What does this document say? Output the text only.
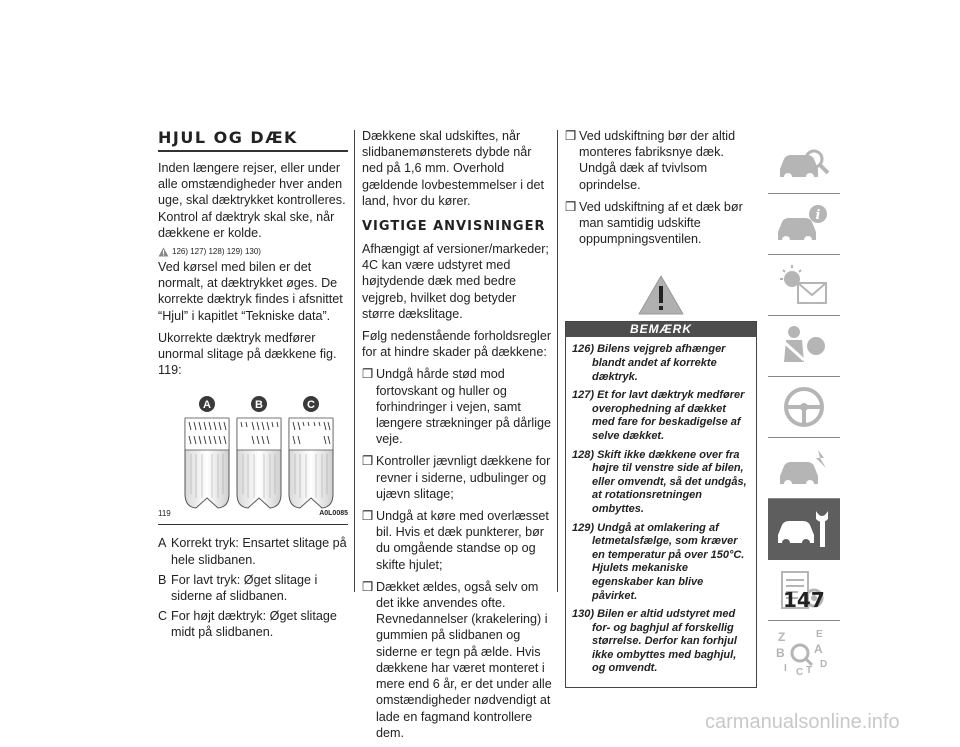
HJUL OG DÆK

Inden længere rejser, eller under alle omstændigheder hver anden uge, skal dæktrykket kontrolleres. Kontrol af dæktryk skal ske, når dækkene er kolde.

126) 127) 128) 129) 130)

Ved kørsel med bilen er det normalt, at dæktrykket øges. De korrekte dæktryk findes i afsnittet “Hjul” i kapitlet “Tekniske data”.

Ukorrekte dæktryk medfører unormal slitage på dækkene fig. 119:

A	B	C
119	A0L0085
A Korrekt tryk: Ensartet slitage på hele slidbanen.
B For lavt tryk: Øget slitage i siderne af slidbanen.
C For højt dæktryk: Øget slitage midt på slidbanen.

Dækkene skal udskiftes, når slidbanemønsterets dybde når ned på 1,6 mm. Overhold gældende lovbestemmelser i det land, hvor du kører.

VIGTIGE ANVISNINGER

Afhængigt af versioner/markeder; 4C kan være udstyret med højtydende dæk med bedre vejgreb, hvilket dog betyder større dækslitage.

Følg nedenstående forholdsregler for at hindre skader på dækkene:

❒ Undgå hårde stød mod fortovskant og huller og forhindringer i vejen, samt længere strækninger på dårlige veje.
❒ Kontroller jævnligt dækkene for revner i siderne, udbulinger og ujævn slitage;
❒ Undgå at køre med overlæsset bil. Hvis et dæk punkterer, bør du omgående standse op og skifte hjulet;
❒ Dækket ældes, også selv om det ikke anvendes ofte. Revnedannelser (krakelering) i gummien på slidbanen og siderne er tegn på ælde. Hvis dækkene har været monteret i mere end 6 år, er det under alle omstændigheder nødvendigt at lade en fagmand kontrollere dem.
❒ Ved udskiftning bør der altid monteres fabriksnye dæk. Undgå dæk af tvivlsom oprindelse.
❒ Ved udskiftning af et dæk bør man samtidig udskifte oppumpningsventilen.
BEMÆRK
126) Bilens vejgreb afhænger blandt andet af korrekte dæktryk.
127) Et for lavt dæktryk medfører overophedning af dækket med fare for beskadigelse af selve dækket.
128) Skift ikke dækkene over fra højre til venstre side af bilen, eller omvendt, så det undgås, at rotationsretningen ombyttes.
129) Undgå at omlakering af letmetalsfælge, som kræver en temperatur på over 150°C. Hjulets mekaniske egenskaber kan blive påvirket.
130) Bilen er altid udstyret med for- og baghjul af forskellig størrelse. Derfor kan forhjul ikke ombyttes med baghjul, og omvendt.
i
Z	E
B A
I C T
D
147
carmanualsonline.info
